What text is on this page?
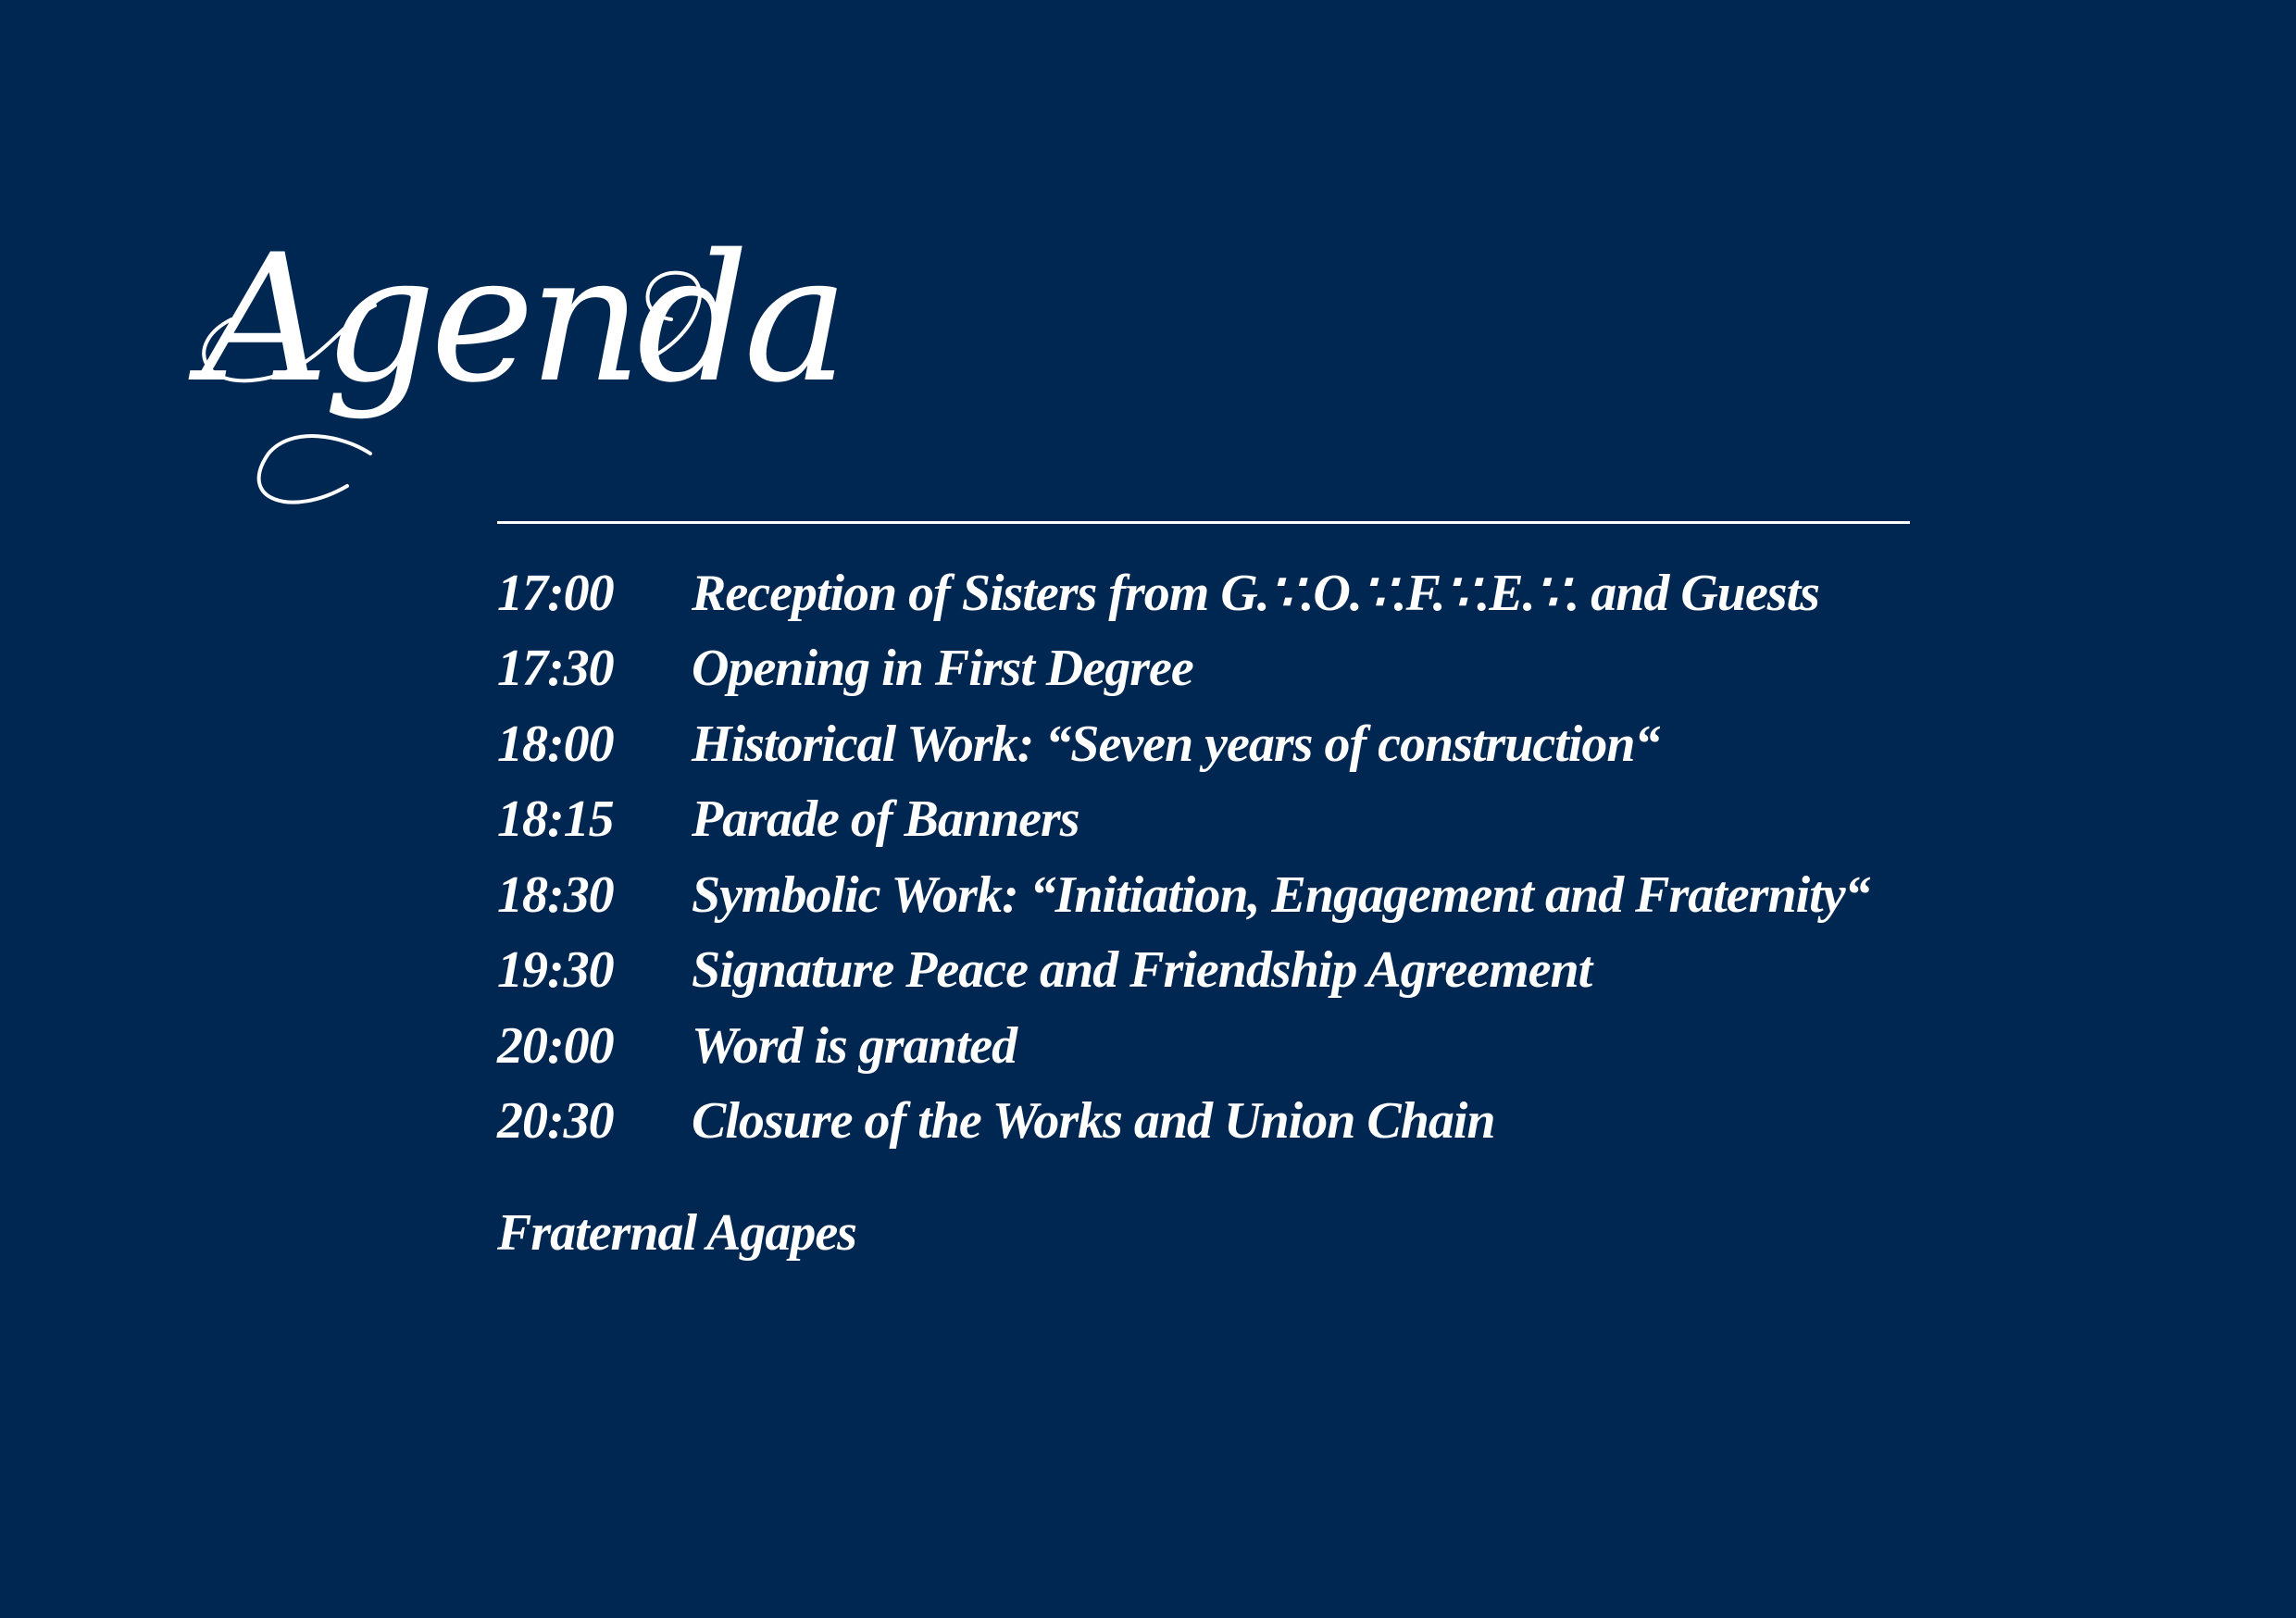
Agenda
17:00	Reception of Sisters from G.∵.O.∵.F.∵.E.∵. and Guests
17:30	Opening in First Degree
18:00	Historical Work: “Seven years of construction“
18:15	Parade of Banners
18:30	Symbolic Work: “Initiation, Engagement and Fraternity“
19:30	Signature Peace and Friendship Agreement
20:00	Word is granted
20:30	Closure of the Works and Union Chain

Fraternal Agapes
